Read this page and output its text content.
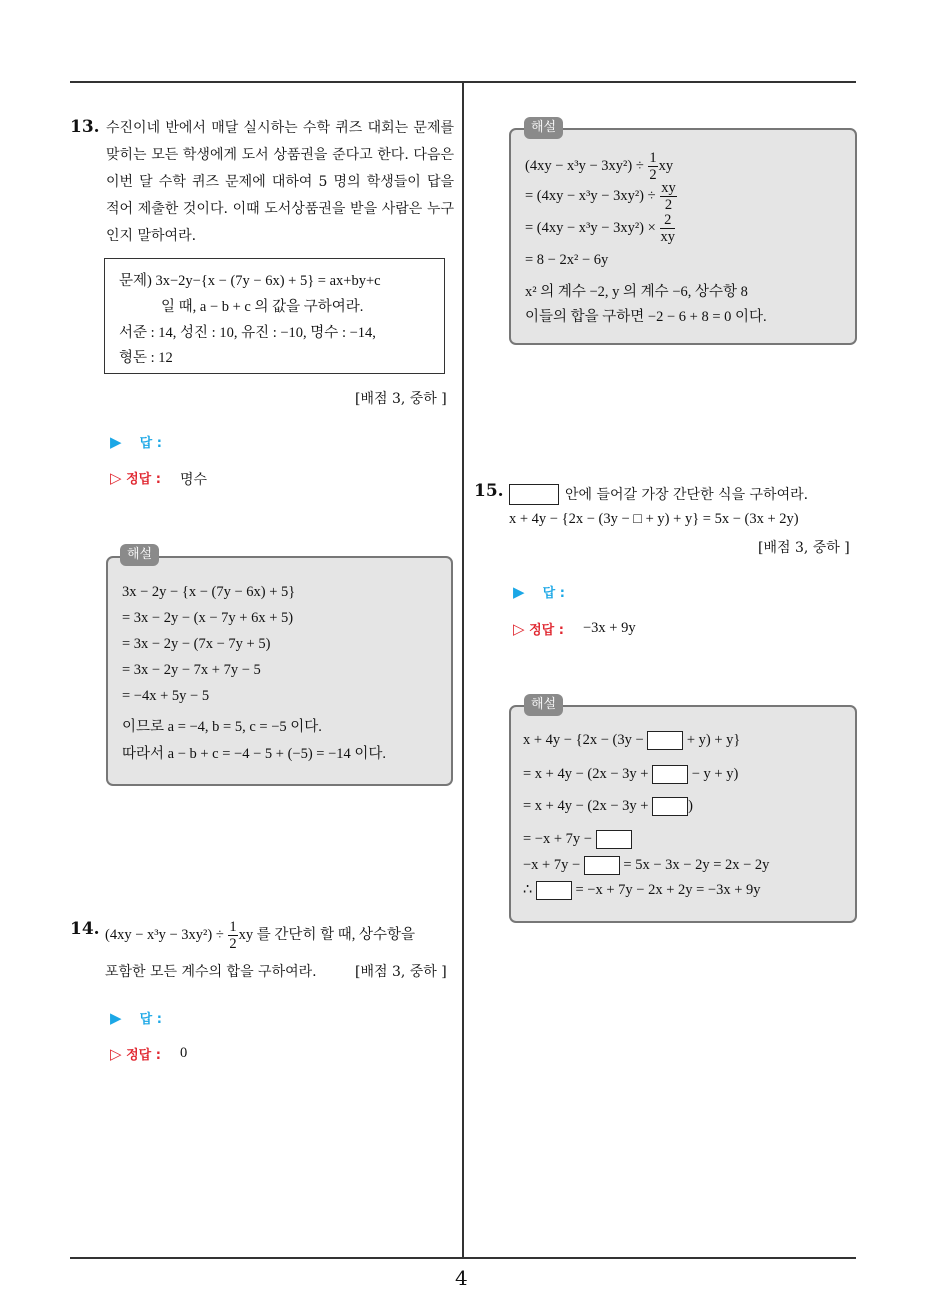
4
13. 수진이네 반에서 매달 실시하는 수학 퀴즈 대회는 문제를 맞히는 모든 학생에게 도서 상품권을 준다고 한다. 다음은 이번 달 수학 퀴즈 문제에 대하여 5 명의 학생들이 답을 적어 제출한 것이다. 이때 도서상품권을 받을 사람은 누구인지 말하여라.
문제) 3x−2y−{x − (7y − 6x) + 5} = ax+by+c
일 때, a − b + c 의 값을 구하여라.
서준 : 14, 성진 : 10, 유진 : −10, 명수 : −14,
형돈 : 12
[배점 3, 중하 ]
▶ 답 :
▷ 정답 : 명수
3x − 2y − {x − (7y − 6x) + 5}
= 3x − 2y − (x − 7y + 6x + 5)
= 3x − 2y − (7x − 7y + 5)
= 3x − 2y − 7x + 7y − 5
= −4x + 5y − 5
이므로 a = −4, b = 5, c = −5 이다.
따라서 a − b + c = −4 − 5 + (−5) = −14 이다.
해설
14. $(4xy - x^3y - 3xy^2) \div \frac{1}{2}$ xy 를 간단히 할 때, 상수항을
포함한 모든 계수의 합을 구하여라.	[배점 3, 중하 ]
▶ 답 :
▷ 정답 : 0
$(4xy - x^3y - 3xy^2) \div \frac{1}{2}$ xy
= $(4xy - x^3y - 3xy^2) \div \frac{xy}{2}$
= $(4xy - x^3y - 3xy^2) \times \frac{2}{xy}$
= 8 − 2x² − 6y
x² 의 계수 −2, y 의 계수 −6, 상수항 8
이들의 합을 구하면 −2 − 6 + 8 = 0 이다.
해설
15.	안에 들어갈 가장 간단한 식을 구하여라.
x + 4y − {2x − (3y − □ + y) + y} = 5x − (3x + 2y)
[배점 3, 중하 ]
▶ 답 :
▷ 정답 : −3x + 9y
x + 4y − {2x − (3y −	+ y) + y}
= x + 4y − (2x − 3y +	− y + y)
= x + 4y − (2x − 3y +	)
= −x + 7y −
−x + 7y −	= 5x − 3x − 2y = 2x − 2y
∴	= −x + 7y − 2x + 2y = −3x + 9y
해설
